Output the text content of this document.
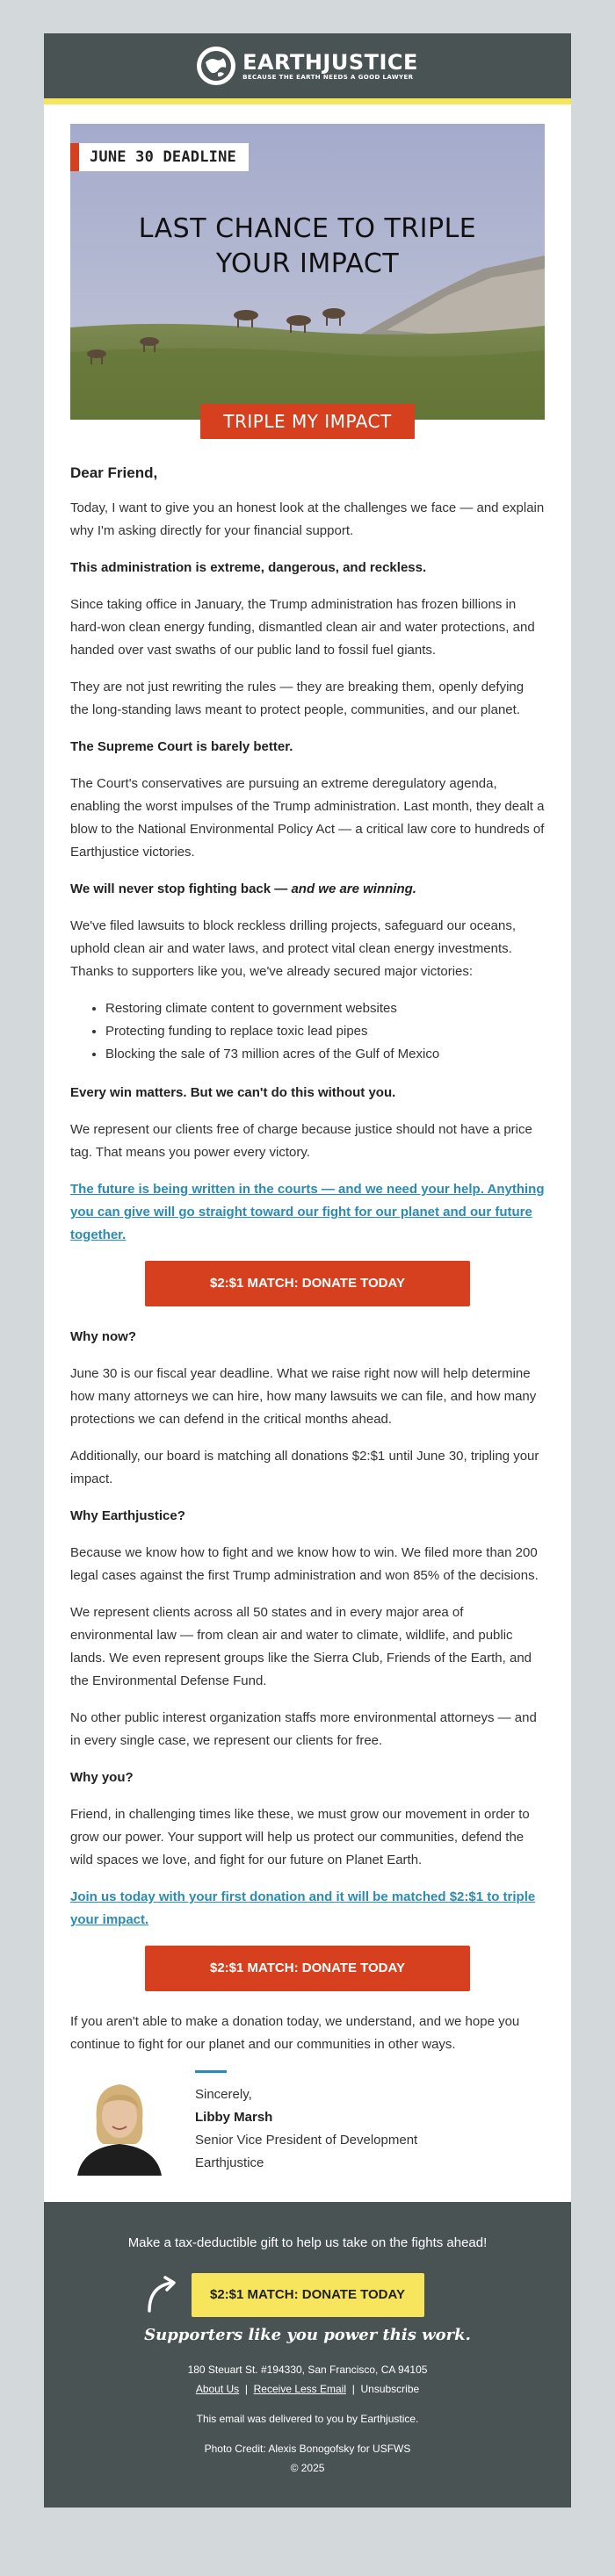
EARTHJUSTICE
BECAUSE THE EARTH NEEDS A GOOD LAWYER
JUNE 30 DEADLINE
LAST CHANCE TO TRIPLE
YOUR IMPACT
TRIPLE MY IMPACT

Dear Friend,

Today, I want to give you an honest look at the challenges we face — and explain why I'm asking directly for your financial support.

This administration is extreme, dangerous, and reckless.

Since taking office in January, the Trump administration has frozen billions in hard-won clean energy funding, dismantled clean air and water protections, and handed over vast swaths of our public land to fossil fuel giants.

They are not just rewriting the rules — they are breaking them, openly defying the long-standing laws meant to protect people, communities, and our planet.

The Supreme Court is barely better.

The Court's conservatives are pursuing an extreme deregulatory agenda, enabling the worst impulses of the Trump administration. Last month, they dealt a blow to the National Environmental Policy Act — a critical law core to hundreds of Earthjustice victories.

We will never stop fighting back — and we are winning.

We've filed lawsuits to block reckless drilling projects, safeguard our oceans, uphold clean air and water laws, and protect vital clean energy investments. Thanks to supporters like you, we've already secured major victories:

• Restoring climate content to government websites
• Protecting funding to replace toxic lead pipes
• Blocking the sale of 73 million acres of the Gulf of Mexico

Every win matters. But we can't do this without you.

We represent our clients free of charge because justice should not have a price tag. That means you power every victory.

The future is being written in the courts — and we need your help. Anything you can give will go straight toward our fight for our planet and our future together.

$2:$1 MATCH: DONATE TODAY

Why now?

June 30 is our fiscal year deadline. What we raise right now will help determine how many attorneys we can hire, how many lawsuits we can file, and how many protections we can defend in the critical months ahead.

Additionally, our board is matching all donations $2:$1 until June 30, tripling your impact.

Why Earthjustice?

Because we know how to fight and we know how to win. We filed more than 200 legal cases against the first Trump administration and won 85% of the decisions.

We represent clients across all 50 states and in every major area of environmental law — from clean air and water to climate, wildlife, and public lands. We even represent groups like the Sierra Club, Friends of the Earth, and the Environmental Defense Fund.

No other public interest organization staffs more environmental attorneys — and in every single case, we represent our clients for free.

Why you?

Friend, in challenging times like these, we must grow our movement in order to grow our power. Your support will help us protect our communities, defend the wild spaces we love, and fight for our future on Planet Earth.

Join us today with your first donation and it will be matched $2:$1 to triple your impact.

$2:$1 MATCH: DONATE TODAY

If you aren't able to make a donation today, we understand, and we hope you continue to fight for our planet and our communities in other ways.

Sincerely,
Libby Marsh
Senior Vice President of Development
Earthjustice
Make a tax-deductible gift to help us take on the fights ahead!
$2:$1 MATCH: DONATE TODAY
Supporters like you power this work.
180 Steuart St. #194330, San Francisco, CA 94105
About Us | Receive Less Email | Unsubscribe
This email was delivered to you by Earthjustice.
Photo Credit: Alexis Bonogofsky for USFWS
© 2025
